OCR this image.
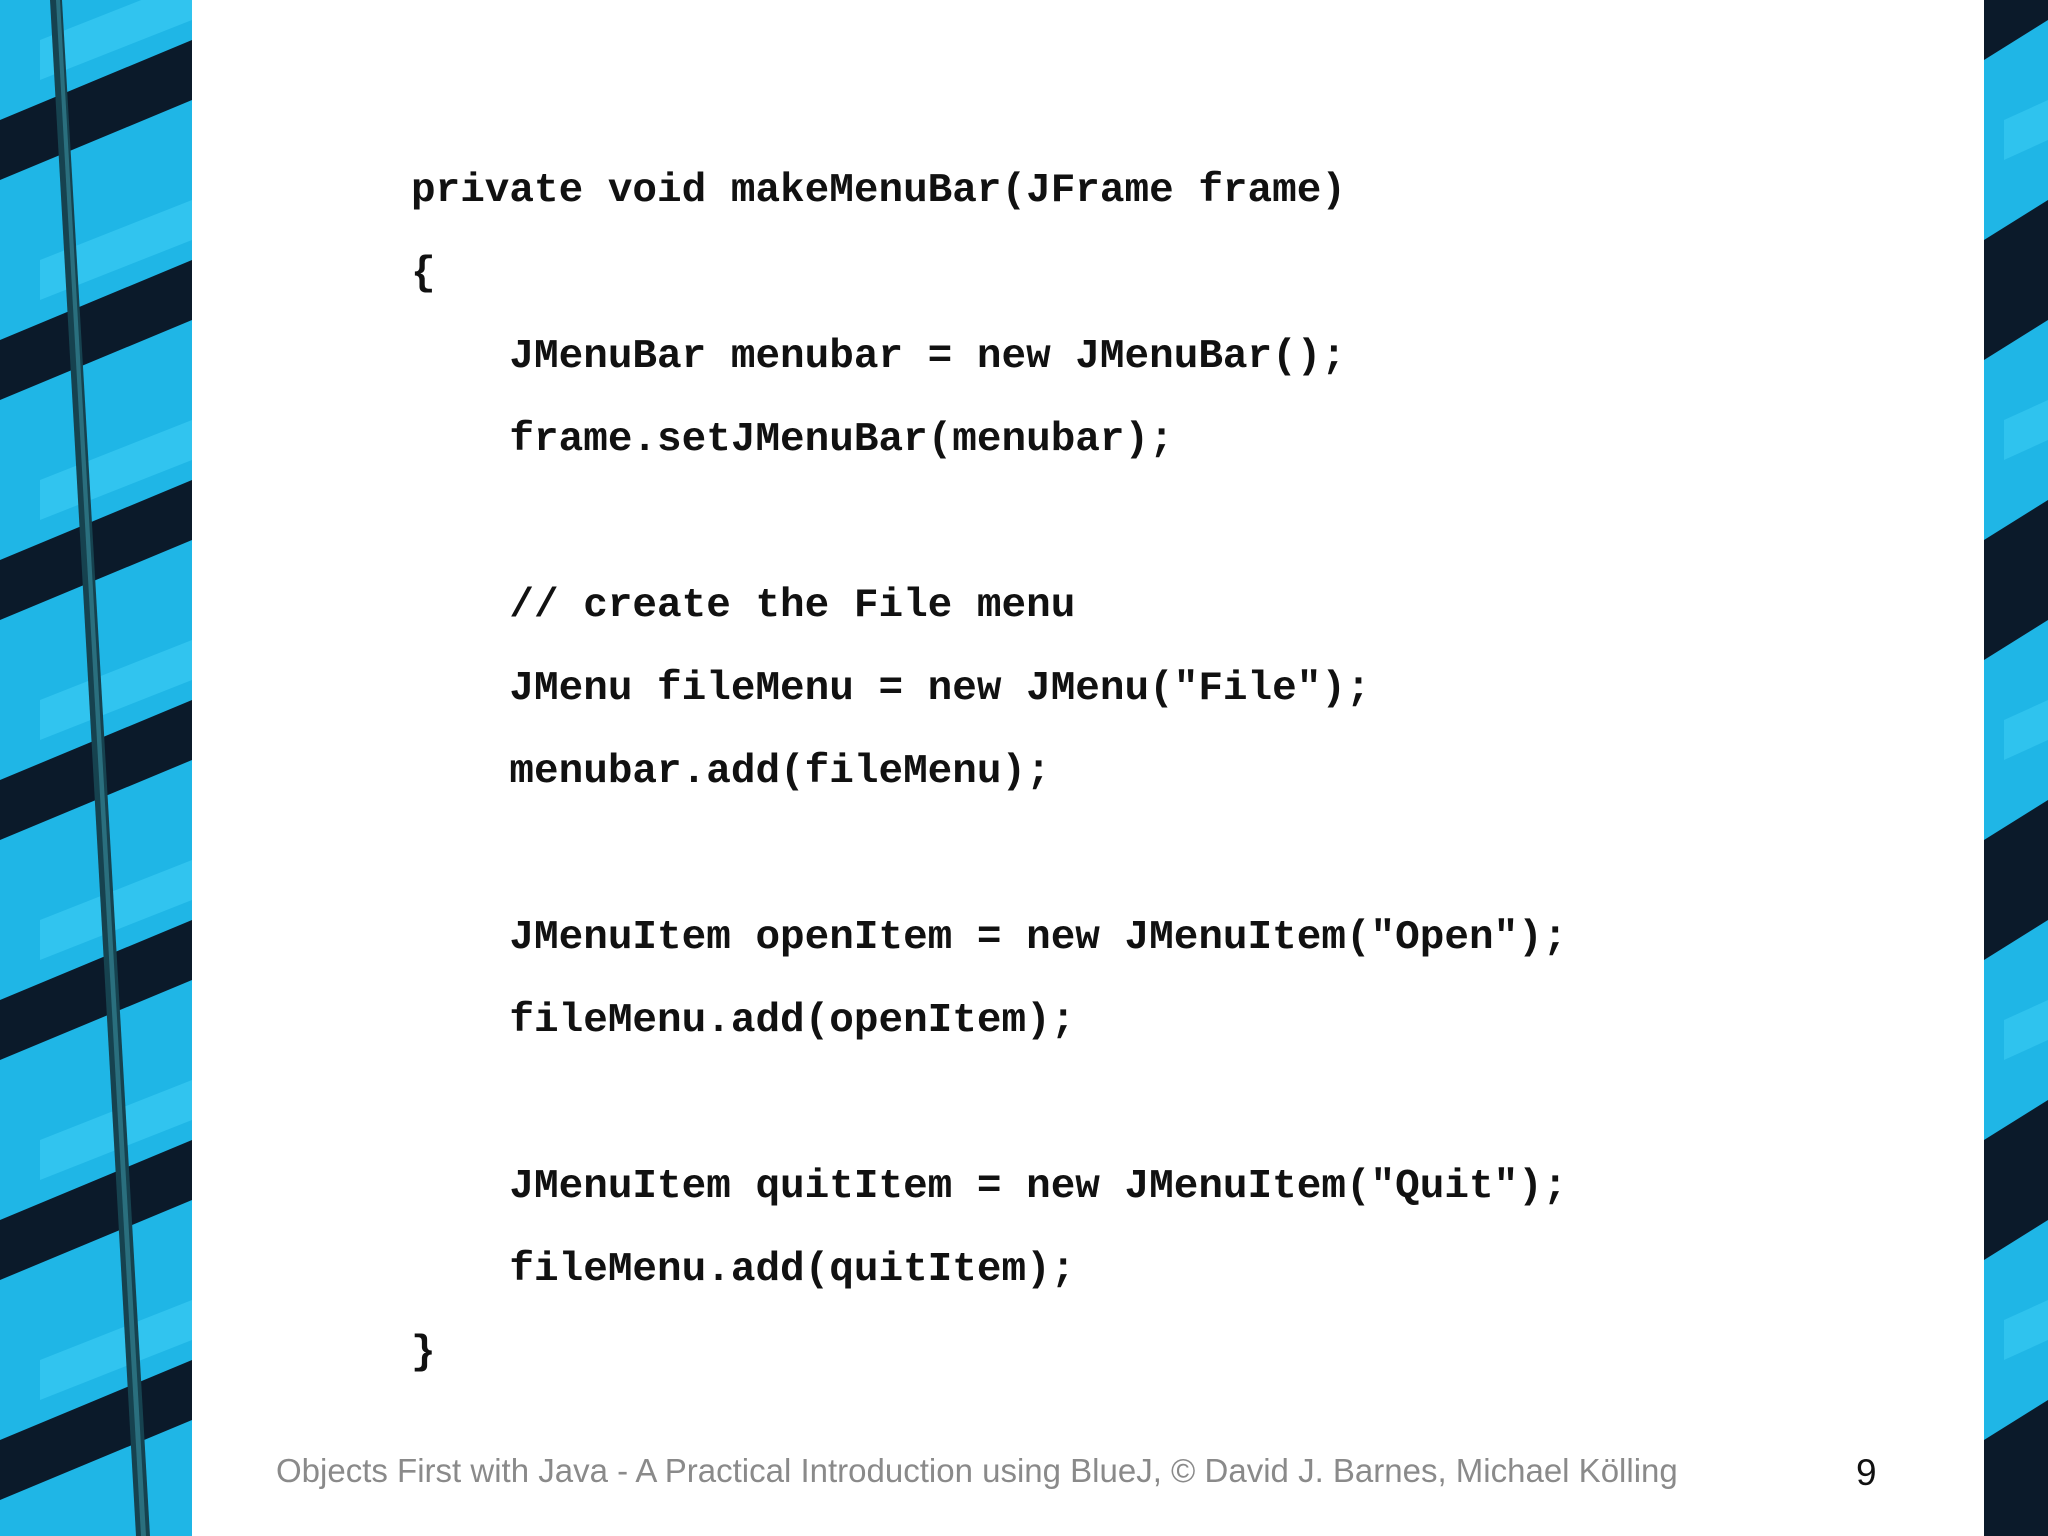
private void makeMenuBar(JFrame frame)
{
JMenuBar menubar = new JMenuBar();
frame.setJMenuBar(menubar);
// create the File menu
JMenu fileMenu = new JMenu("File");
menubar.add(fileMenu);
JMenuItem openItem = new JMenuItem("Open");
fileMenu.add(openItem);
JMenuItem quitItem = new JMenuItem("Quit");
fileMenu.add(quitItem);
}
Objects First with Java - A Practical Introduction using BlueJ, © David J. Barnes, Michael Kölling	9
